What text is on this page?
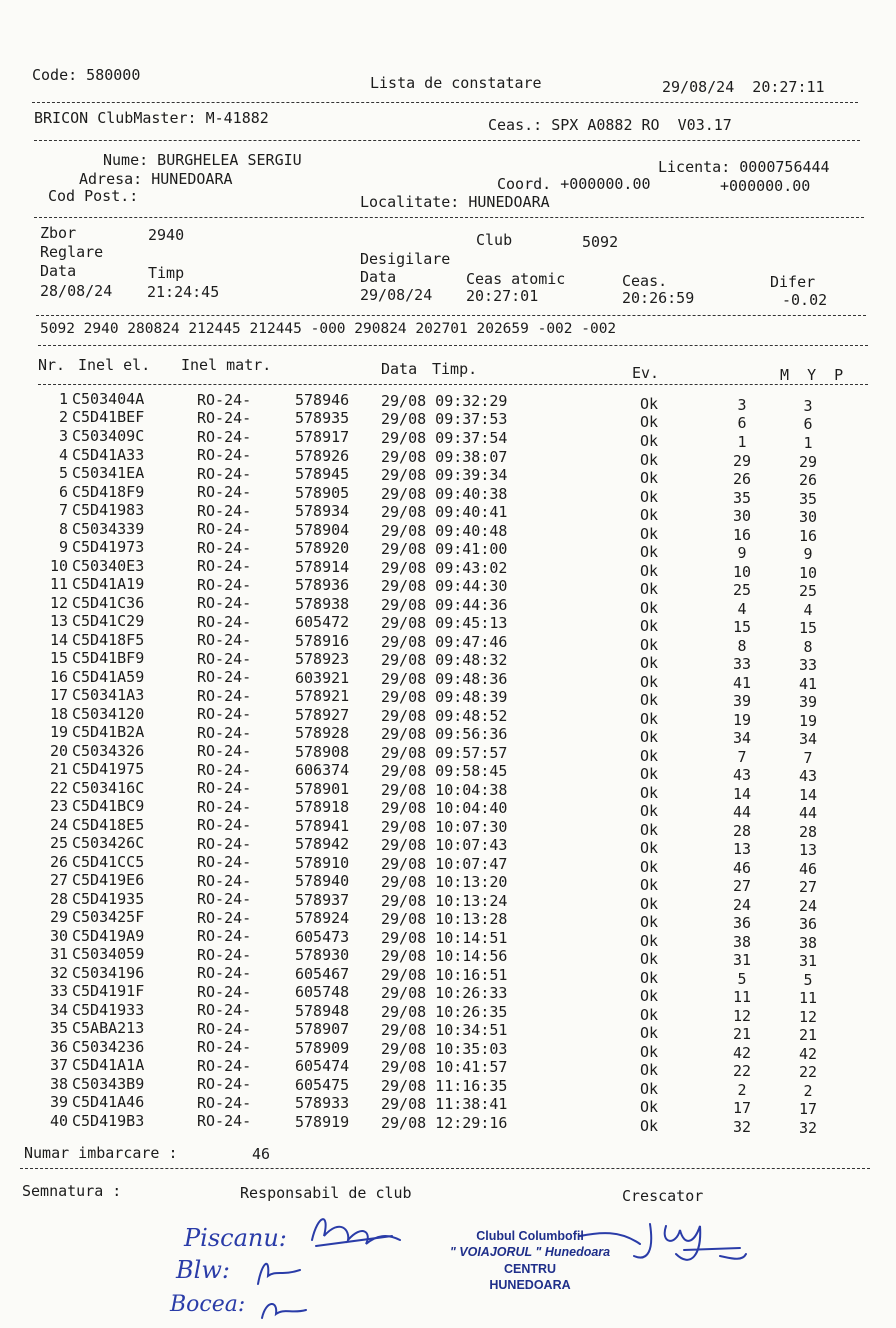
Code: 580000	Lista de constatare	29/08/24  20:27:11
BRICON ClubMaster: M-41882	Ceas.: SPX A0882 RO  V03.17
Nume: BURGHELEA SERGIU
Adresa: HUNEDOARA
Cod Post.:
Licenta: 0000756444
Coord. +000000.00	+000000.00
Localitate: HUNEDOARA
Zbor	2940	Club	5092
Reglare	Desigilare
Data	Timp	Data	Ceas atomic	Ceas.	Difer
28/08/24 21:24:45	29/08/24 20:27:01	20:26:59	-0.02
5092 2940 280824 212445 212445 -000 290824 202701 202659 -002 -002
Nr. Inel el. Inel matr.	Data Timp.	Ev.	M  Y  P
1 C503404A	RO-24-	578946 29/08 09:32:29	Ok	3	3
2 C5D41BEF	RO-24-	578935 29/08 09:37:53	Ok	6	6
3 C503409C	RO-24-	578917 29/08 09:37:54	Ok	1	1
4 C5D41A33	RO-24-	578926 29/08 09:38:07	Ok	29	29
5 C50341EA	RO-24-	578945 29/08 09:39:34	Ok	26	26
6 C5D418F9	RO-24-	578905 29/08 09:40:38	Ok	35	35
7 C5D41983	RO-24-	578934 29/08 09:40:41	Ok	30	30
8 C5034339	RO-24-	578904 29/08 09:40:48	Ok	16	16
9 C5D41973	RO-24-	578920 29/08 09:41:00	Ok	9	9
10 C50340E3	RO-24-	578914 29/08 09:43:02	Ok	10	10
11 C5D41A19	RO-24-	578936 29/08 09:44:30	Ok	25	25
12 C5D41C36	RO-24-	578938 29/08 09:44:36	Ok	4	4
13 C5D41C29	RO-24-	605472 29/08 09:45:13	Ok	15	15
14 C5D418F5	RO-24-	578916 29/08 09:47:46	Ok	8	8
15 C5D41BF9	RO-24-	578923 29/08 09:48:32	Ok	33	33
16 C5D41A59	RO-24-	603921 29/08 09:48:36	Ok	41	41
17 C50341A3	RO-24-	578921 29/08 09:48:39	Ok	39	39
18 C5034120	RO-24-	578927 29/08 09:48:52	Ok	19	19
19 C5D41B2A	RO-24-	578928 29/08 09:56:36	Ok	34	34
20 C5034326	RO-24-	578908 29/08 09:57:57	Ok	7	7
21 C5D41975	RO-24-	606374 29/08 09:58:45	Ok	43	43
22 C503416C	RO-24-	578901 29/08 10:04:38	Ok	14	14
23 C5D41BC9	RO-24-	578918 29/08 10:04:40	Ok	44	44
24 C5D418E5	RO-24-	578941 29/08 10:07:30	Ok	28	28
25 C503426C	RO-24-	578942 29/08 10:07:43	Ok	13	13
26 C5D41CC5	RO-24-	578910 29/08 10:07:47	Ok	46	46
27 C5D419E6	RO-24-	578940 29/08 10:13:20	Ok	27	27
28 C5D41935	RO-24-	578937 29/08 10:13:24	Ok	24	24
29 C503425F	RO-24-	578924 29/08 10:13:28	Ok	36	36
30 C5D419A9	RO-24-	605473 29/08 10:14:51	Ok	38	38
31 C5034059	RO-24-	578930 29/08 10:14:56	Ok	31	31
32 C5034196	RO-24-	605467 29/08 10:16:51	Ok	5	5
33 C5D4191F	RO-24-	605748 29/08 10:26:33	Ok	11	11
34 C5D41933	RO-24-	578948 29/08 10:26:35	Ok	12	12
35 C5ABA213	RO-24-	578907 29/08 10:34:51	Ok	21	21
36 C5034236	RO-24-	578909 29/08 10:35:03	Ok	42	42
37 C5D41A1A	RO-24-	605474 29/08 10:41:57	Ok	22	22
38 C50343B9	RO-24-	605475 29/08 11:16:35	Ok	2	2
39 C5D41A46	RO-24-	578933 29/08 11:38:41	Ok	17	17
40 C5D419B3	RO-24-	578919 29/08 12:29:16	Ok	32	32
Numar imbarcare :	46
Semnatura :	Responsabil de club	Crescator
Piscanu:
Blw:
Bocea:
Clubul Columbofil
" VOIAJORUL " Hunedoara
CENTRU
HUNEDOARA
